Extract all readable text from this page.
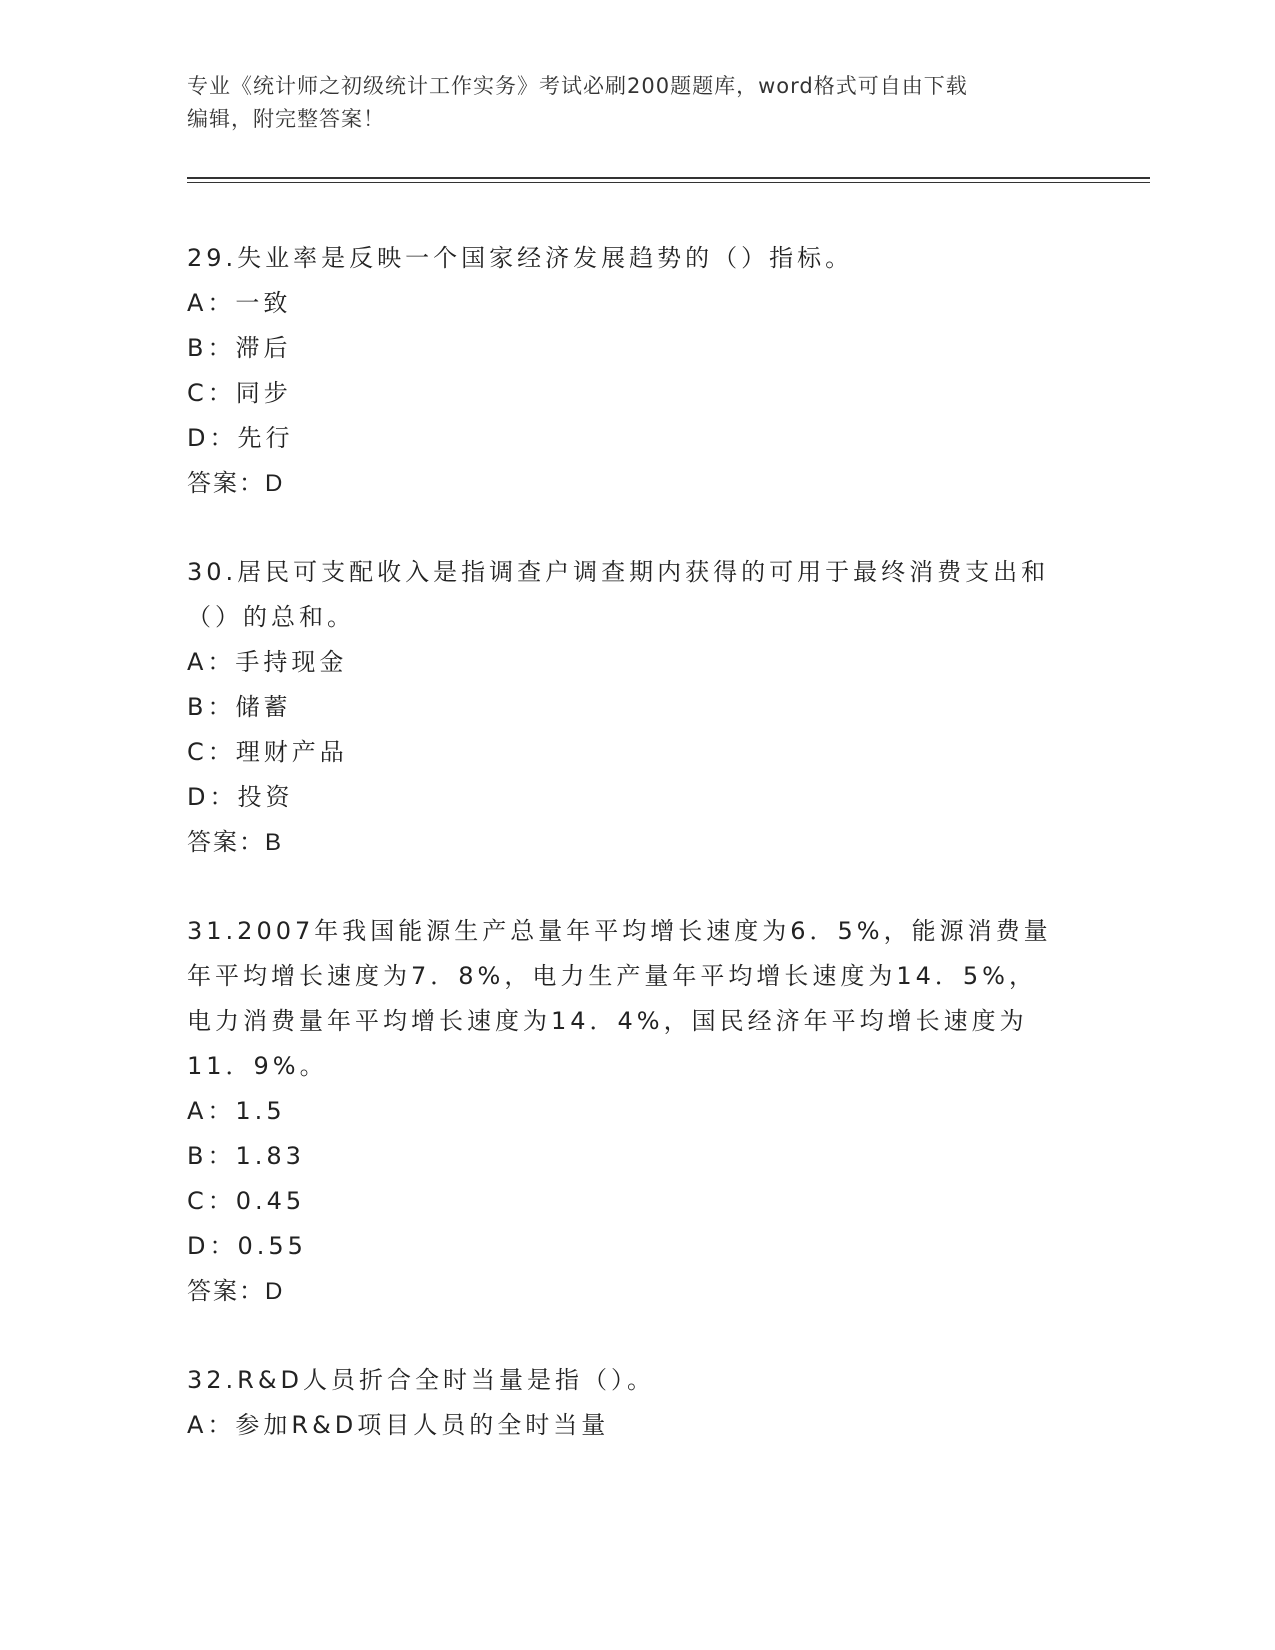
专业《统计师之初级统计工作实务》考试必刷200题题库，word格式可自由下载
编辑，附完整答案！
29.失业率是反映一个国家经济发展趋势的（）指标。
A：一致
B：滞后
C：同步
D：先行
答案：D
30.居民可支配收入是指调查户调查期内获得的可用于最终消费支出和
（）的总和。
A：手持现金
B：储蓄
C：理财产品
D：投资
答案：B
31.2007年我国能源生产总量年平均增长速度为6．5%，能源消费量
年平均增长速度为7．8%，电力生产量年平均增长速度为14．5%，
电力消费量年平均增长速度为14．4%，国民经济年平均增长速度为
11．9%。
A：1.5
B：1.83
C：0.45
D：0.55
答案：D
32.R&D人员折合全时当量是指（）。
A：参加R&D项目人员的全时当量
